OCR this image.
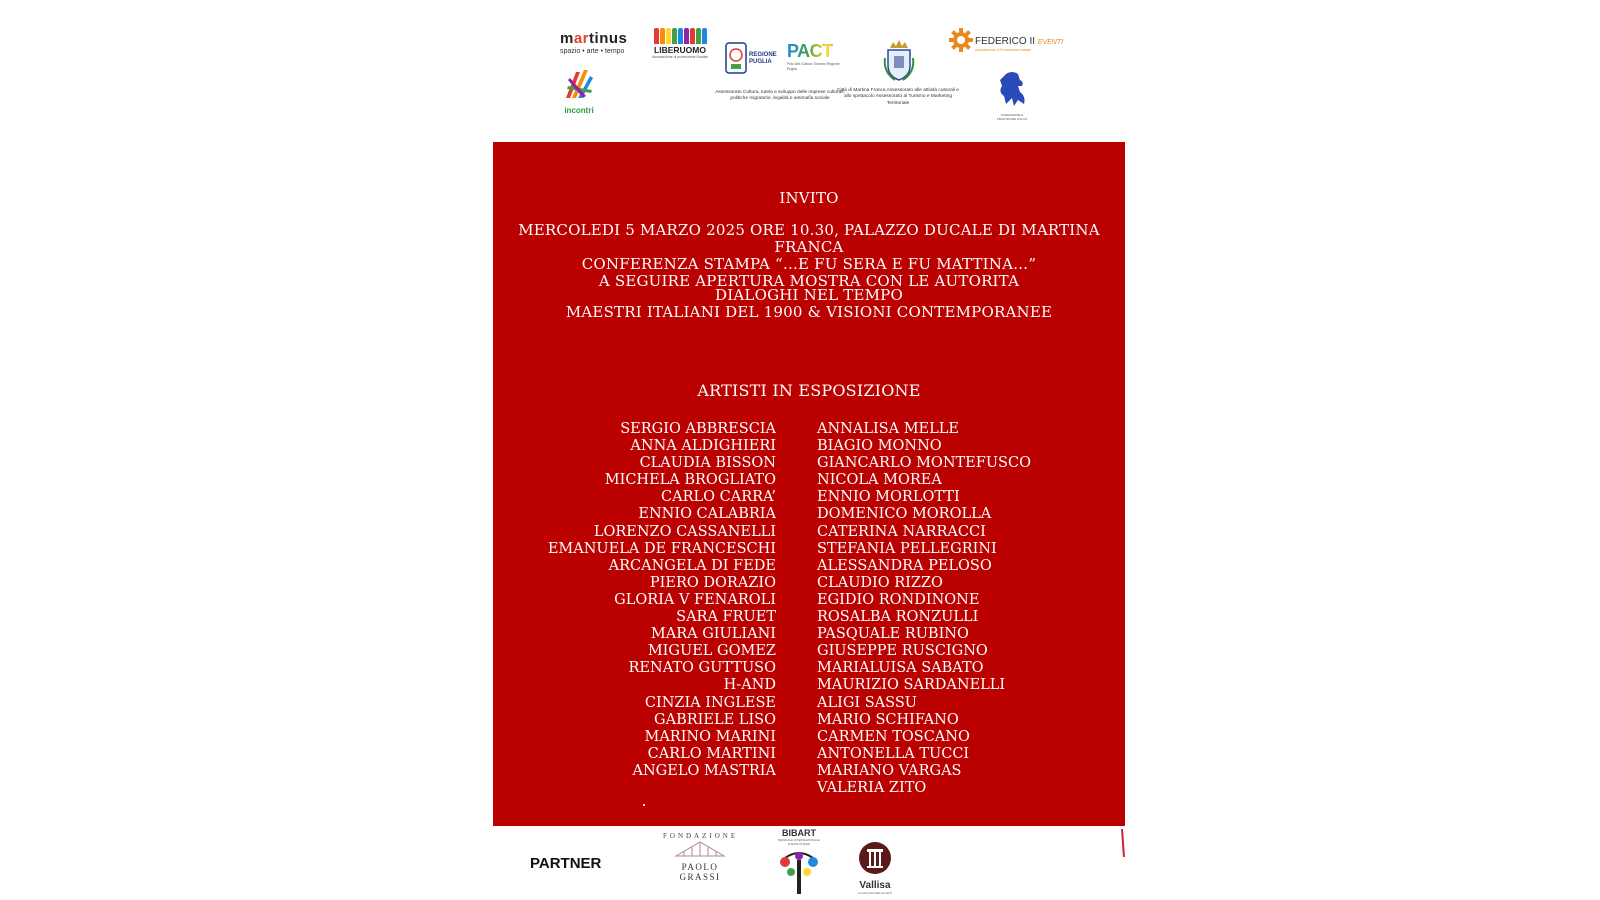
martinus
spazio • arte • tempo	LIBERUOMO
Associazione di promozione Sociale
incontri
REGIONE PUGLIA
PACT
Polo Arti Cultura Turismo Regione Puglia
Assessorato Cultura, tutela e sviluppo delle imprese culturali, politiche migratorie, legalità e antimafia sociale
Città di Martina Franca Assessorato alle attività culturali e allo spettacolo Assessorato al Turismo e Marketing Territoriale
FEDERICO II EVENTI
Associazione di Promozione sociale
FONDAZIONE E PRATOFIORE ONLUS
INVITO
MERCOLEDI 5 MARZO 2025 ORE 10.30, PALAZZO DUCALE DI MARTINA FRANCA
CONFERENZA STAMPA “…E FU SERA E FU MATTINA…”
A SEGUIRE APERTURA MOSTRA CON LE AUTORITA
DIALOGHI NEL TEMPO
MAESTRI ITALIANI DEL 1900 & VISIONI CONTEMPORANEE
ARTISTI IN ESPOSIZIONE
SERGIO ABBRESCIA
ANNA ALDIGHIERI
CLAUDIA BISSON
MICHELA BROGLIATO
CARLO CARRA’
ENNIO CALABRIA
LORENZO CASSANELLI
EMANUELA DE FRANCESCHI
ARCANGELA DI FEDE
PIERO DORAZIO
GLORIA V FENAROLI
SARA FRUET
MARA GIULIANI
MIGUEL GOMEZ
RENATO GUTTUSO
H-AND
CINZIA INGLESE
GABRIELE LISO
MARINO MARINI
CARLO MARTINI
ANGELO MASTRIA
ANNALISA MELLE
BIAGIO MONNO
GIANCARLO MONTEFUSCO
NICOLA MOREA
ENNIO MORLOTTI
DOMENICO MOROLLA
CATERINA NARRACCI
STEFANIA PELLEGRINI
ALESSANDRA PELOSO
CLAUDIO RIZZO
EGIDIO RONDINONE
ROSALBA RONZULLI
PASQUALE RUBINO
GIUSEPPE RUSCIGNO
MARIALUISA SABATO
MAURIZIO SARDANELLI
ALIGI SASSU
MARIO SCHIFANO
CARMEN TOSCANO
ANTONELLA TUCCI
MARIANO VARGAS
VALERIA ZITO
PARTNER
FONDAZIONE
PAOLO GRASSI
BIBART
BIENNALE INTERNAZIONALE D'ARTE DI BARI
Vallisa
LA VALLISA DELLE ARTI
